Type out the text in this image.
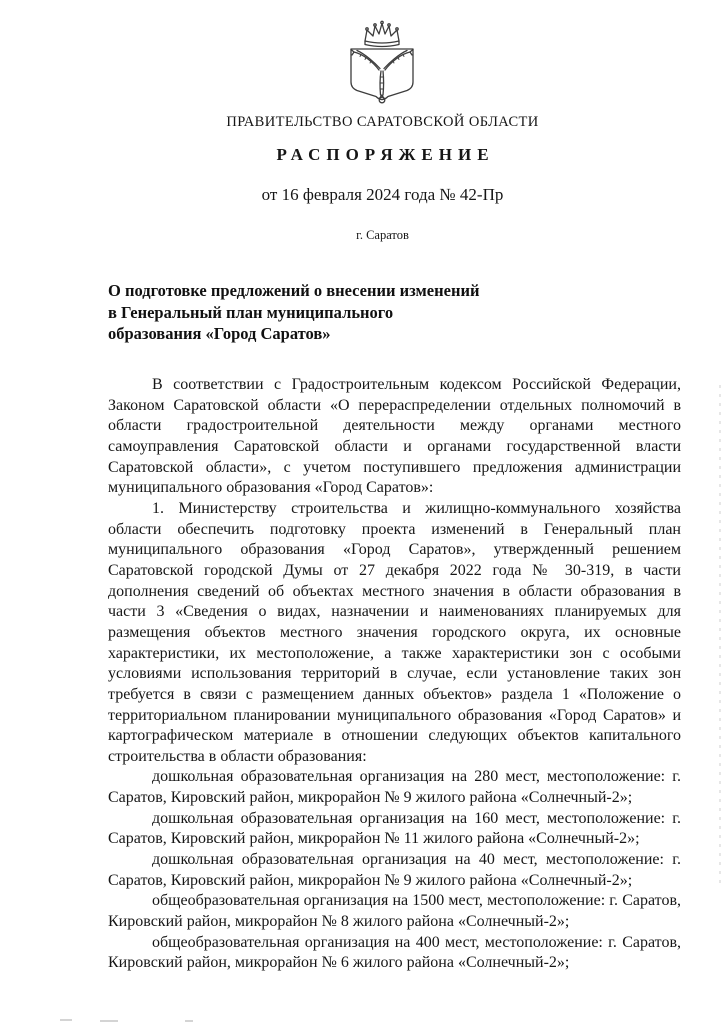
ПРАВИТЕЛЬСТВО САРАТОВСКОЙ ОБЛАСТИ
РАСПОРЯЖЕНИЕ
от 16 февраля 2024 года № 42-Пр
г. Саратов
О подготовке предложений о внесении изменений
в Генеральный план муниципального
образования «Город Саратов»

В соответствии с Градостроительным кодексом Российской Федерации, Законом Саратовской области «О перераспределении отдельных полномочий в области градостроительной деятельности между органами местного самоуправления Саратовской области и органами государственной власти Саратовской области», с учетом поступившего предложения администрации муниципального образования «Город Саратов»:

1. Министерству строительства и жилищно-коммунального хозяйства области обеспечить подготовку проекта изменений в Генеральный план муниципального образования «Город Саратов», утвержденный решением Саратовской городской Думы от 27 декабря 2022 года № 30-319, в части дополнения сведений об объектах местного значения в области образования в части 3 «Сведения о видах, назначении и наименованиях планируемых для размещения объектов местного значения городского округа, их основные характеристики, их местоположение, а также характеристики зон с особыми условиями использования территорий в случае, если установление таких зон требуется в связи с размещением данных объектов» раздела 1 «Положение о территориальном планировании муниципального образования «Город Саратов» и картографическом материале в отношении следующих объектов капитального строительства в области образования:

дошкольная образовательная организация на 280 мест, местоположение: г. Саратов, Кировский район, микрорайон № 9 жилого района «Солнечный-2»;

дошкольная образовательная организация на 160 мест, местоположение: г. Саратов, Кировский район, микрорайон № 11 жилого района «Солнечный-2»;

дошкольная образовательная организация на 40 мест, местоположение: г. Саратов, Кировский район, микрорайон № 9 жилого района «Солнечный-2»;

общеобразовательная организация на 1500 мест, местоположение: г. Саратов, Кировский район, микрорайон № 8 жилого района «Солнечный-2»;

общеобразовательная организация на 400 мест, местоположение: г. Саратов, Кировский район, микрорайон № 6 жилого района «Солнечный-2»;
